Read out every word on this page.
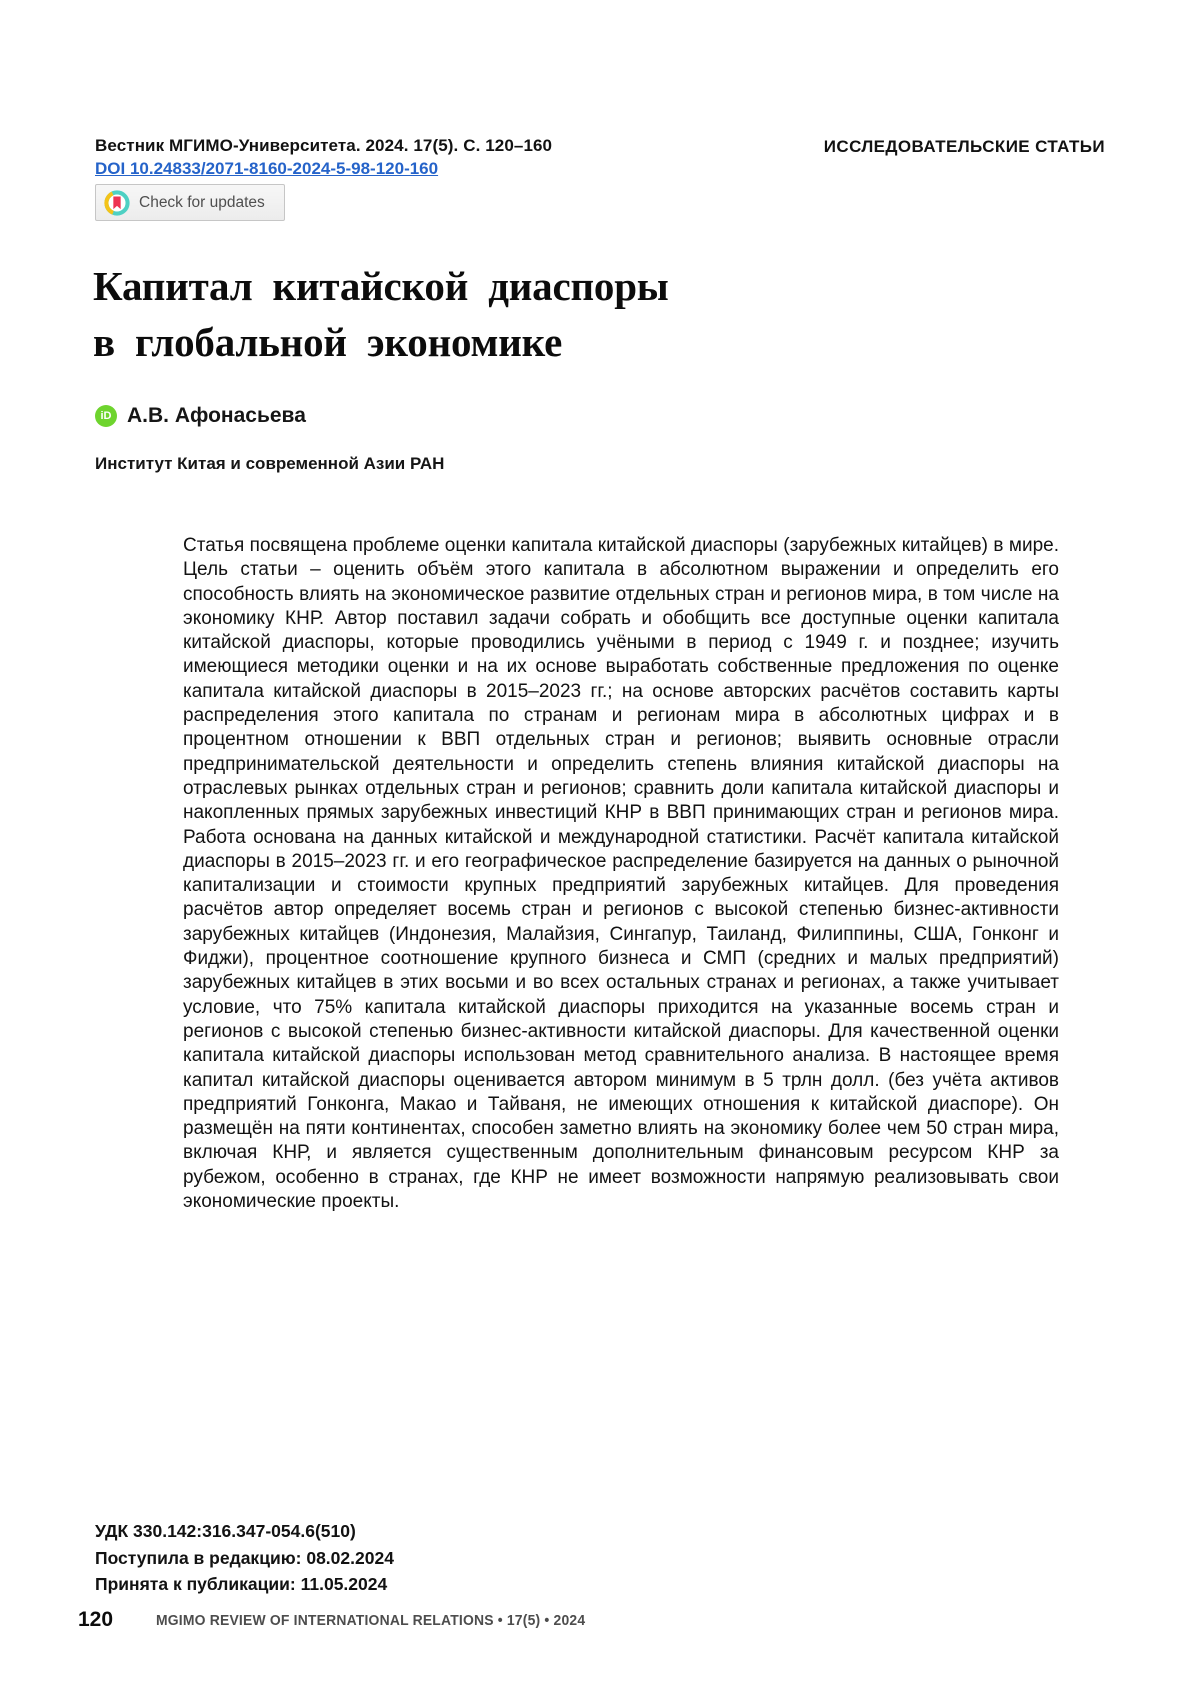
Вестник МГИМО-Университета. 2024. 17(5). С. 120–160
DOI 10.24833/2071-8160-2024-5-98-120-160
ИССЛЕДОВАТЕЛЬСКИЕ СТАТЬИ
Check for updates
Капитал китайской диаспоры
в глобальной экономике
iD А.В. Афонасьева
Институт Китая и современной Азии РАН

Статья посвящена проблеме оценки капитала китайской диаспоры (зарубежных китайцев) в мире. Цель статьи – оценить объём этого капитала в абсолютном выражении и определить его способность влиять на экономическое развитие отдельных стран и регионов мира, в том числе на экономику КНР. Автор поставил задачи собрать и обобщить все доступные оценки капитала китайской диаспоры, которые проводились учёными в период с 1949 г. и позднее; изучить имеющиеся методики оценки и на их основе выработать собственные предложения по оценке капитала китайской диаспоры в 2015–2023 гг.; на основе авторских расчётов составить карты распределения этого капитала по странам и регионам мира в абсолютных цифрах и в процентном отношении к ВВП отдельных стран и регионов; выявить основные отрасли предпринимательской деятельности и определить степень влияния китайской диаспоры на отраслевых рынках отдельных стран и регионов; сравнить доли капитала китайской диаспоры и накопленных прямых зарубежных инвестиций КНР в ВВП принимающих стран и регионов мира. Работа основана на данных китайской и международной статистики. Расчёт капитала китайской диаспоры в 2015–2023 гг. и его географическое распределение базируется на данных о рыночной капитализации и стоимости крупных предприятий зарубежных китайцев. Для проведения расчётов автор определяет восемь стран и регионов с высокой степенью бизнес-активности зарубежных китайцев (Индонезия, Малайзия, Сингапур, Таиланд, Филиппины, США, Гонконг и Фиджи), процентное соотношение крупного бизнеса и СМП (средних и малых предприятий) зарубежных китайцев в этих восьми и во всех остальных странах и регионах, а также учитывает условие, что 75% капитала китайской диаспоры приходится на указанные восемь стран и регионов с высокой степенью бизнес-активности китайской диаспоры. Для качественной оценки капитала китайской диаспоры использован метод сравнительного анализа. В настоящее время капитал китайской диаспоры оценивается автором минимум в 5 трлн долл. (без учёта активов предприятий Гонконга, Макао и Тайваня, не имеющих отношения к китайской диаспоре). Он размещён на пяти континентах, способен заметно влиять на экономику более чем 50 стран мира, включая КНР, и является существенным дополнительным финансовым ресурсом КНР за рубежом, особенно в странах, где КНР не имеет возможности напрямую реализовывать свои экономические проекты.

УДК 330.142:316.347-054.6(510)
Поступила в редакцию: 08.02.2024
Принята к публикации: 11.05.2024
120	MGIMO REVIEW OF INTERNATIONAL RELATIONS • 17(5) • 2024
